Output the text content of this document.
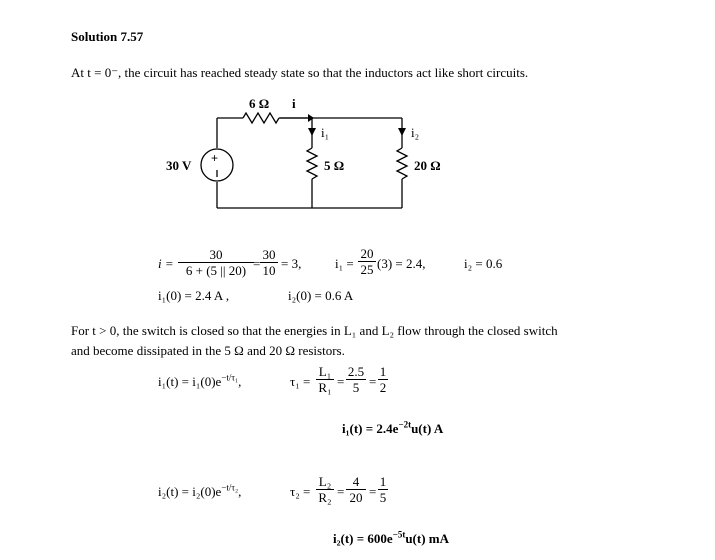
Solution 7.57
At t = 0⁻, the circuit has reached steady state so that the inductors act like short circuits.
+
30 V
6 Ω i
i₁	i₂
5 Ω	20 Ω
$i = \frac{30}{6 + (5 || 20)} = \frac{30}{10} = 3$,	$i_1 = \frac{20}{25} (3) = 2.4$,	i₂ = 0.6
i₁(0) = 2.4 A ,	i₂(0) = 0.6 A
For t > 0, the switch is closed so that the energies in L₁ and L₂ flow through the closed switch
and become dissipated in the 5 Ω and 20 Ω resistors.
$i_1(t) = i_1(0)e^{-t/\tau_1}$,	$\tau_1 = \frac{\text{L₁}}{\text{R₁}} = \frac{2.5}{5} = \frac{1}{2}$
$i_1(t) = 2.4e^{-2t}u(t)$ A
$i_2(t) = i_2(0)e^{-t/\tau_2}$,	$\tau_2 = \frac{\text{L₂}}{\text{R₂}} = \frac{4}{20} = \frac{1}{5}$
$i_2(t) = 600e^{-5t}u(t)$ mA
